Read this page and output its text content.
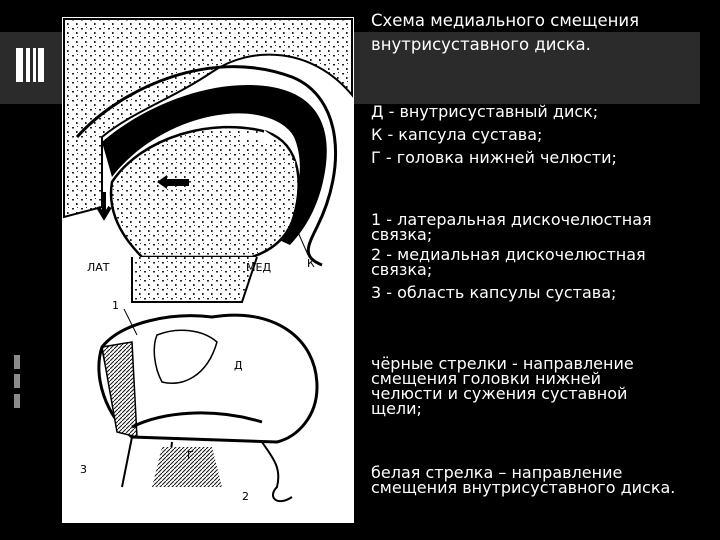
Д
К
ЛАТ	МЕД
1
Д
Г
3
2
Схема медиального смещения
внутрисуставного диска.
Д - внутрисуставный диск;
К - капсула сустава;
Г - головка нижней челюсти;
1 - латеральная дискочелюстная
связка;
2 - медиальная дискочелюстная
связка;
3 - область капсулы сустава;
чёрные стрелки - направление
смещения головки нижней
челюсти и сужения суставной
щели;
белая стрелка – направление
смещения внутрисуставного диска.
